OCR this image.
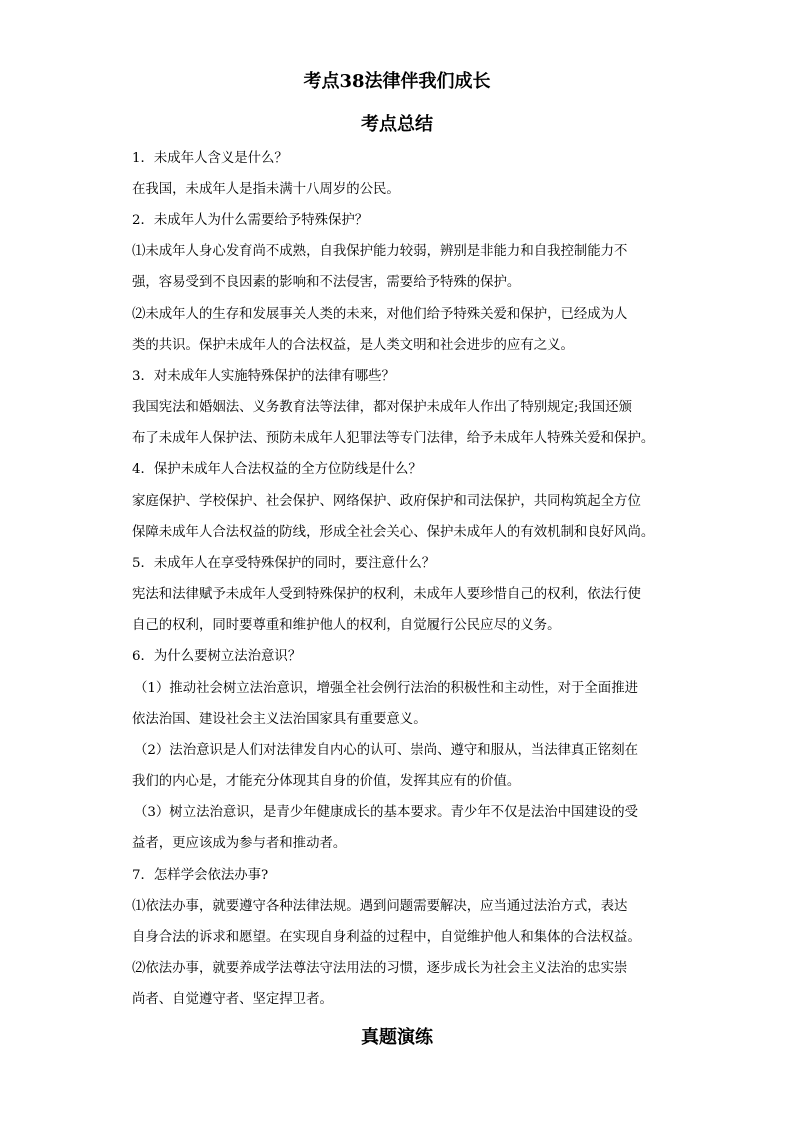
考点38法律伴我们成长
考点总结
1．未成年人含义是什么？
在我国，未成年人是指未满十八周岁的公民。
2．未成年人为什么需要给予特殊保护？
⑴未成年人身心发育尚不成熟，自我保护能力较弱，辨别是非能力和自我控制能力不
强，容易受到不良因素的影响和不法侵害，需要给予特殊的保护。
⑵未成年人的生存和发展事关人类的未来，对他们给予特殊关爱和保护，已经成为人
类的共识。保护未成年人的合法权益，是人类文明和社会进步的应有之义。
3．对未成年人实施特殊保护的法律有哪些？
我国宪法和婚姻法、义务教育法等法律，都对保护未成年人作出了特别规定;我国还颁
布了未成年人保护法、预防未成年人犯罪法等专门法律，给予未成年人特殊关爱和保护。
4．保护未成年人合法权益的全方位防线是什么？
家庭保护、学校保护、社会保护、网络保护、政府保护和司法保护，共同构筑起全方位
保障未成年人合法权益的防线，形成全社会关心、保护未成年人的有效机制和良好风尚。
5．未成年人在享受特殊保护的同时，要注意什么？
宪法和法律赋予未成年人受到特殊保护的权利，未成年人要珍惜自己的权利，依法行使
自己的权利，同时要尊重和维护他人的权利，自觉履行公民应尽的义务。
6．为什么要树立法治意识？
（1）推动社会树立法治意识，增强全社会例行法治的积极性和主动性，对于全面推进
依法治国、建设社会主义法治国家具有重要意义。
（2）法治意识是人们对法律发自内心的认可、崇尚、遵守和服从，当法律真正铭刻在
我们的内心是，才能充分体现其自身的价值，发挥其应有的价值。
（3）树立法治意识，是青少年健康成长的基本要求。青少年不仅是法治中国建设的受
益者，更应该成为参与者和推动者。
7．怎样学会依法办事?
⑴依法办事，就要遵守各种法律法规。遇到问题需要解决，应当通过法治方式，表达
自身合法的诉求和愿望。在实现自身利益的过程中，自觉维护他人和集体的合法权益。
⑵依法办事，就要养成学法尊法守法用法的习惯，逐步成长为社会主义法治的忠实崇
尚者、自觉遵守者、坚定捍卫者。
真题演练
